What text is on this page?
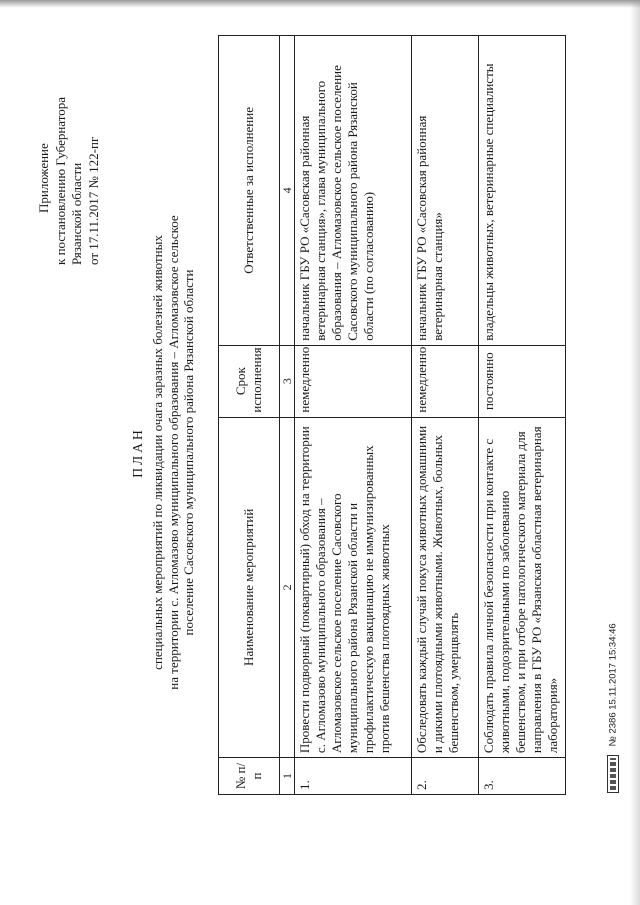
Приложение к постановлению Губернатора Рязанской области от 17.11.2017 № 122-пг
ПЛАН специальных мероприятий по ликвидации очага заразных болезней животных на территории с. Агломазово муниципального образования – Агломазовское сельское поселение Сасовского муниципального района Рязанской области
№ п/п	Наименование мероприятий	Срок исполнения	Ответственные за исполнение
1	2	3	4
1.	Провести подворный (поквартирный) обход на территории с. Агломазово муниципального образования – Агломазовское сельское поселение Сасовского муниципального района Рязанской области и профилактическую вакцинацию не иммунизированных против бешенства плотоядных животных	немедленно	начальник ГБУ РО «Сасовская районная ветеринарная станция», глава муниципального образования – Агломазовское сельское поселение Сасовского муниципального района Рязанской области (по согласованию)
2.	Обследовать каждый случай покуса животных домашними и дикими плотоядными животными. Животных, больных бешенством, умерщвлять	немедленно	начальник ГБУ РО «Сасовская районная ветеринарная станция»
3.	Соблюдать правила личной безопасности при контакте с животными, подозрительными по заболеванию бешенством, и при отборе патологического материала для направления в ГБУ РО «Рязанская областная ветеринарная лаборатория»	постоянно	владельцы животных, ветеринарные специалисты
№ 2386 15.11.2017 15:34:46
